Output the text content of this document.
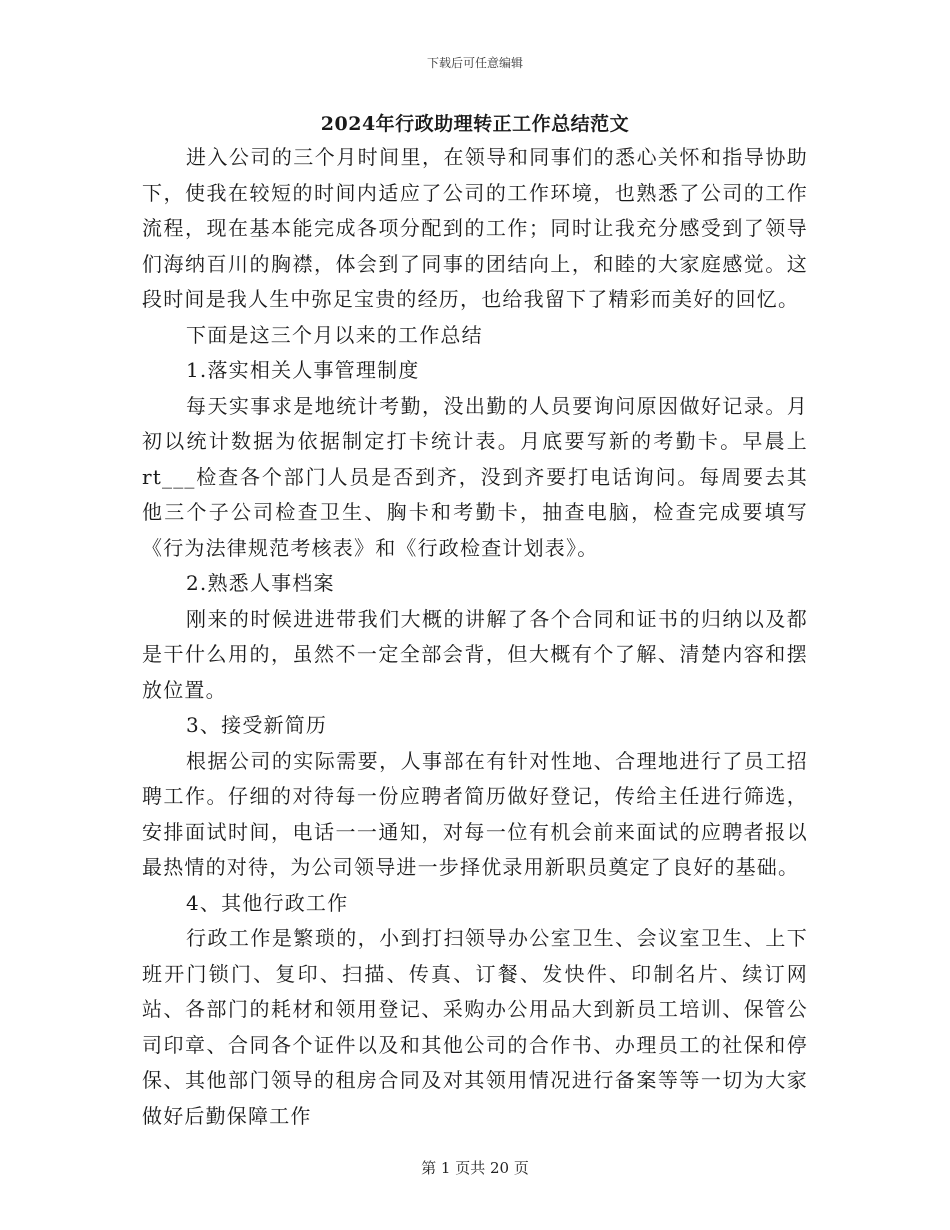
下载后可任意编辑
2024年行政助理转正工作总结范文

进入公司的三个月时间里，在领导和同事们的悉心关怀和指导协助下，使我在较短的时间内适应了公司的工作环境，也熟悉了公司的工作流程，现在基本能完成各项分配到的工作；同时让我充分感受到了领导们海纳百川的胸襟，体会到了同事的团结向上，和睦的大家庭感觉。这段时间是我人生中弥足宝贵的经历，也给我留下了精彩而美好的回忆。

下面是这三个月以来的工作总结

1.落实相关人事管理制度

每天实事求是地统计考勤，没出勤的人员要询问原因做好记录。月初以统计数据为依据制定打卡统计表。月底要写新的考勤卡。早晨上rt___检查各个部门人员是否到齐，没到齐要打电话询问。每周要去其他三个子公司检查卫生、胸卡和考勤卡，抽查电脑，检查完成要填写《行为法律规范考核表》和《行政检查计划表》。

2.熟悉人事档案

刚来的时候进进带我们大概的讲解了各个合同和证书的归纳以及都是干什么用的，虽然不一定全部会背，但大概有个了解、清楚内容和摆放位置。

3、接受新简历

根据公司的实际需要，人事部在有针对性地、合理地进行了员工招聘工作。仔细的对待每一份应聘者简历做好登记，传给主任进行筛选，安排面试时间，电话一一通知，对每一位有机会前来面试的应聘者报以最热情的对待，为公司领导进一步择优录用新职员奠定了良好的基础。

4、其他行政工作

行政工作是繁琐的，小到打扫领导办公室卫生、会议室卫生、上下班开门锁门、复印、扫描、传真、订餐、发快件、印制名片、续订网站、各部门的耗材和领用登记、采购办公用品大到新员工培训、保管公司印章、合同各个证件以及和其他公司的合作书、办理员工的社保和停保、其他部门领导的租房合同及对其领用情况进行备案等等一切为大家做好后勤保障工作

第 1 页共 20 页
